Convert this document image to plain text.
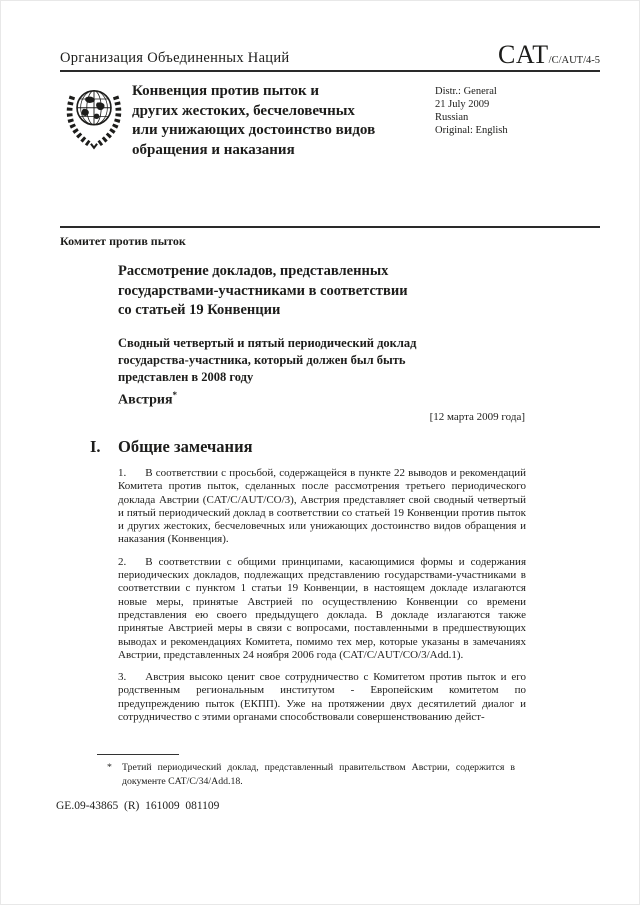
Организация Объединенных Наций	CAT /C/AUT/4-5
Конвенция против пыток и
других жестоких, бесчеловечных
или унижающих достоинство видов
обращения и наказания
Distr.: General
21 July 2009
Russian
Original: English
Комитет против пыток
Рассмотрение докладов, представленных
государствами-участниками в соответствии
со статьей 19 Конвенции
Сводный четвертый и пятый периодический доклад
государства-участника, который должен был быть
представлен в 2008 году
Австрия*
[12 марта 2009 года]
I.	Общие замечания

1. В соответствии с просьбой, содержащейся в пункте 22 выводов и рекомендаций Комитета против пыток, сделанных после рассмотрения третьего периодического доклада Австрии (CAT/C/AUT/CO/3), Австрия представляет свой сводный четвертый и пятый периодический доклад в соответствии со статьей 19 Конвенции против пыток и других жестоких, бесчеловечных или унижающих достоинство видов обращения и наказания (Конвенция).

2. В соответствии с общими принципами, касающимися формы и содержания периодических докладов, подлежащих представлению государствами-участниками в соответствии с пунктом 1 статьи 19 Конвенции, в настоящем докладе излагаются новые меры, принятые Австрией по осуществлению Конвенции со времени представления ею своего предыдущего доклада. В докладе излагаются также принятые Австрией меры в связи с вопросами, поставленными в предшествующих выводах и рекомендациях Комитета, помимо тех мер, которые указаны в замечаниях Австрии, представленных 24 ноября 2006 года (CAT/C/AUT/CO/3/Add.1).

3. Австрия высоко ценит свое сотрудничество с Комитетом против пыток и его родственным региональным институтом - Европейским комитетом по предупреждению пыток (ЕКПП). Уже на протяжении двух десятилетий диалог и сотрудничество с этими органами способствовали совершенствованию дейст-

*	Третий периодический доклад, представленный правительством Австрии, содержится в документе CAT/C/34/Add.18.
GE.09-43865  (R)  161009  081109
